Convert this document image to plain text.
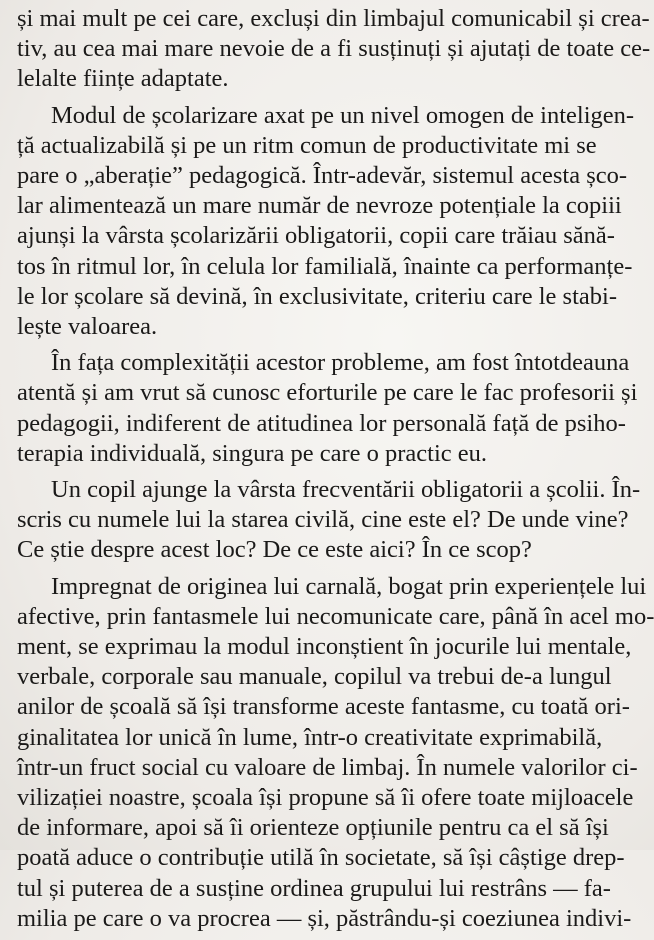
și mai mult pe cei care, excluși din limbajul comunicabil și crea-
tiv, au cea mai mare nevoie de a fi susținuți și ajutați de toate ce-
lelalte ființe adaptate.
Modul de școlarizare axat pe un nivel omogen de inteligen-
ță actualizabilă și pe un ritm comun de productivitate mi se
pare o „aberație” pedagogică. Într-adevăr, sistemul acesta șco-
lar alimentează un mare număr de nevroze potențiale la copiii
ajunși la vârsta școlarizării obligatorii, copii care trăiau sănă-
tos în ritmul lor, în celula lor familială, înainte ca performanțe-
le lor școlare să devină, în exclusivitate, criteriu care le stabi-
lește valoarea.
În fața complexității acestor probleme, am fost întotdeauna
atentă și am vrut să cunosc eforturile pe care le fac profesorii și
pedagogii, indiferent de atitudinea lor personală față de psiho-
terapia individuală, singura pe care o practic eu.
Un copil ajunge la vârsta frecventării obligatorii a școlii. În-
scris cu numele lui la starea civilă, cine este el? De unde vine?
Ce știe despre acest loc? De ce este aici? În ce scop?
Impregnat de originea lui carnală, bogat prin experiențele lui
afective, prin fantasmele lui necomunicate care, până în acel mo-
ment, se exprimau la modul inconștient în jocurile lui mentale,
verbale, corporale sau manuale, copilul va trebui de-a lungul
anilor de școală să își transforme aceste fantasme, cu toată ori-
ginalitatea lor unică în lume, într-o creativitate exprimabilă,
într-un fruct social cu valoare de limbaj. În numele valorilor ci-
vilizației noastre, școala își propune să îi ofere toate mijloacele
de informare, apoi să îi orienteze opțiunile pentru ca el să își
poată aduce o contribuție utilă în societate, să își câștige drep-
tul și puterea de a susține ordinea grupului lui restrâns — fa-
milia pe care o va procrea — și, păstrându-și coeziunea indivi-
